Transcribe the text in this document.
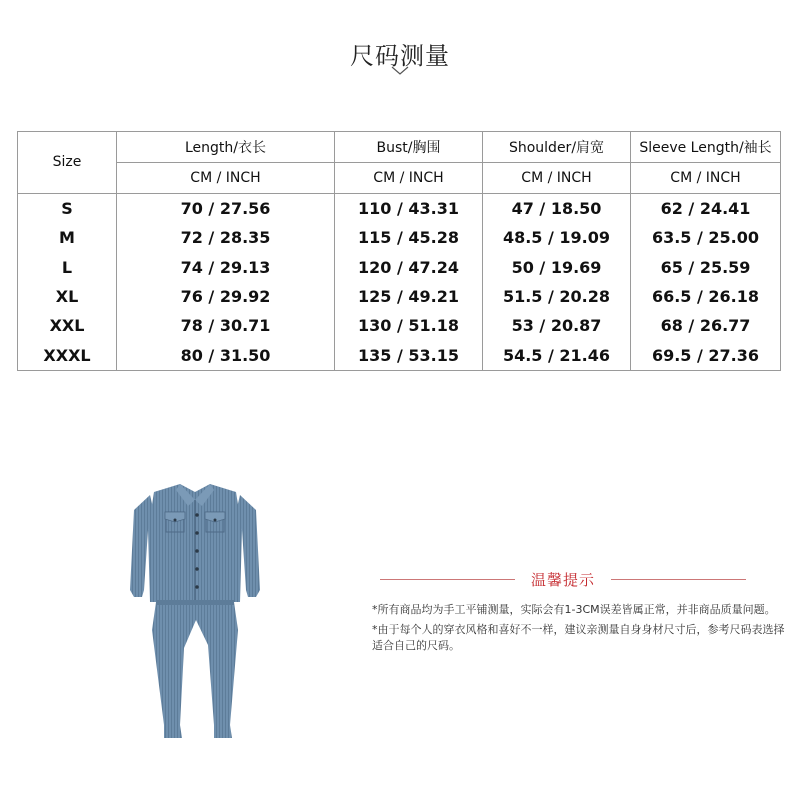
尺码测量
Size	Length/衣长	Bust/胸围	Shoulder/肩宽	Sleeve Length/袖长
	CM / INCH	CM / INCH	CM / INCH	CM / INCH
S	70 / 27.56	110 / 43.31	47 / 18.50	62 / 24.41
M	72 / 28.35	115 / 45.28	48.5 / 19.09	63.5 / 25.00
L	74 / 29.13	120 / 47.24	50 / 19.69	65 / 25.59
XL	76 / 29.92	125 / 49.21	51.5 / 20.28	66.5 / 26.18
XXL	78 / 30.71	130 / 51.18	53 / 20.87	68 / 26.77
XXXL	80 / 31.50	135 / 53.15	54.5 / 21.46	69.5 / 27.36
温馨提示
*所有商品均为手工平铺测量，实际会有1-3CM误差皆属正常，并非商品质量问题。
*由于每个人的穿衣风格和喜好不一样，建议亲测量自身身材尺寸后，参考尺码表选择适合自己的尺码。
